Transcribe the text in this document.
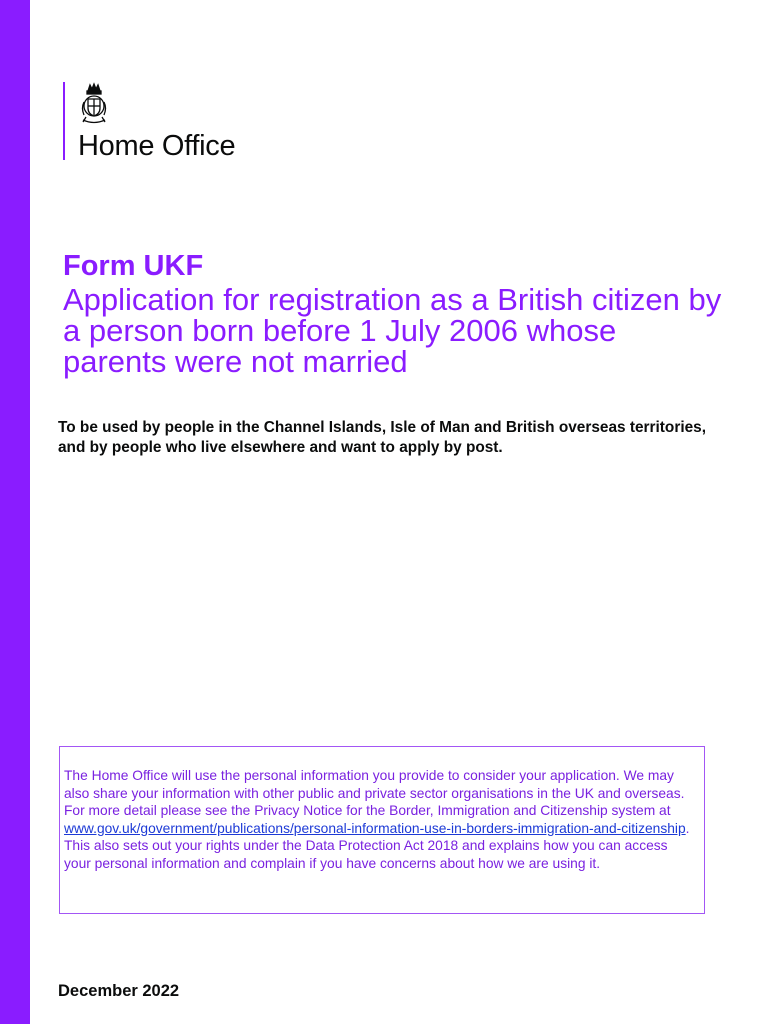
Home Office
Form UKF
Application for registration as a British citizen by a person born before 1 July 2006 whose parents were not married
To be used by people in the Channel Islands, Isle of Man and British overseas territories, and by people who live elsewhere and want to apply by post.
The Home Office will use the personal information you provide to consider your application. We may also share your information with other public and private sector organisations in the UK and overseas. For more detail please see the Privacy Notice for the Border, Immigration and Citizenship system at www.gov.uk/government/publications/personal-information-use-in-borders-immigration-and-citizenship. This also sets out your rights under the Data Protection Act 2018 and explains how you can access your personal information and complain if you have concerns about how we are using it.
December 2022
